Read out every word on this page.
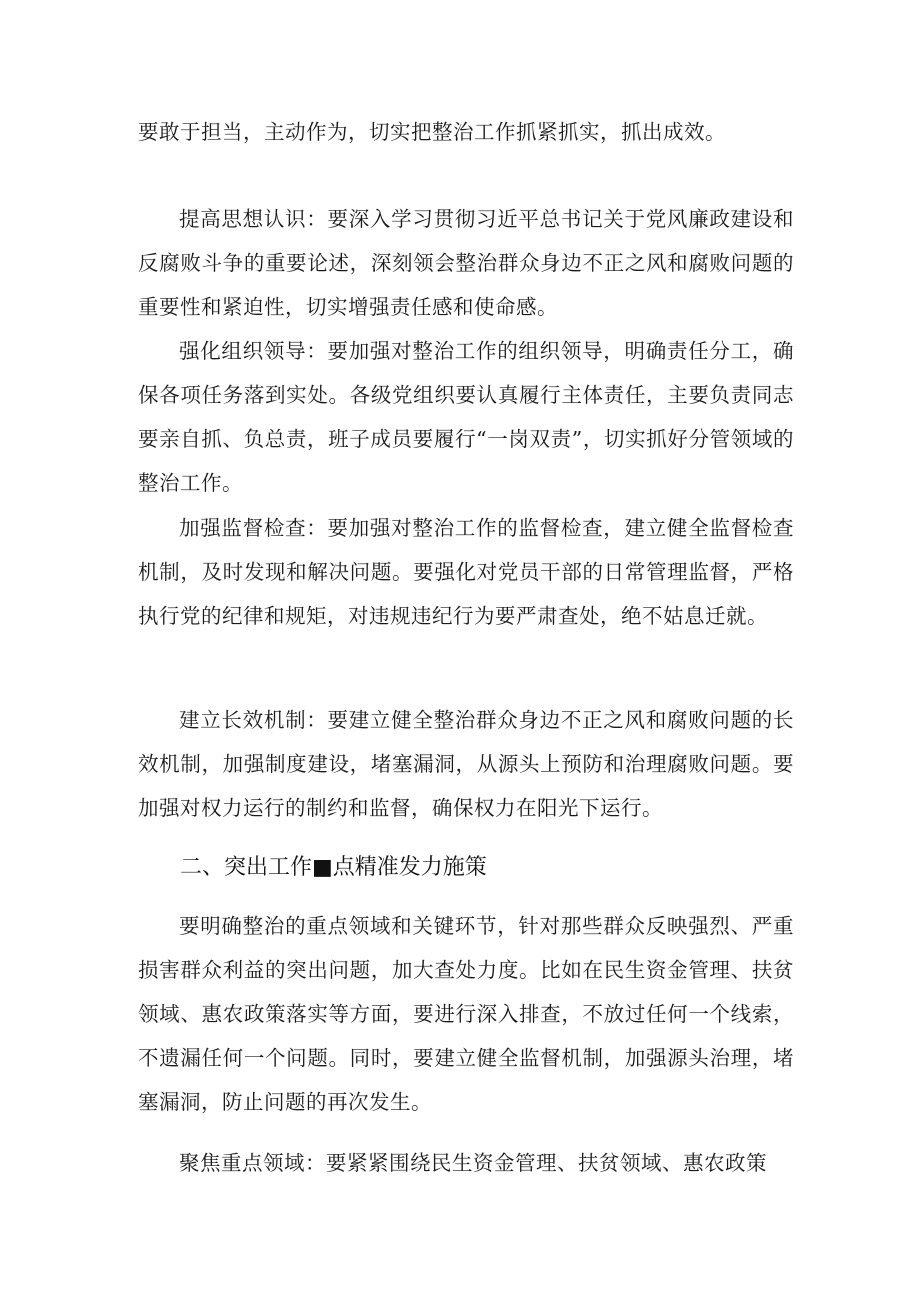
要敢于担当，主动作为，切实把整治工作抓紧抓实，抓出成效。

提高思想认识：要深入学习贯彻习近平总书记关于党风廉政建设和反腐败斗争的重要论述，深刻领会整治群众身边不正之风和腐败问题的重要性和紧迫性，切实增强责任感和使命感。

强化组织领导：要加强对整治工作的组织领导，明确责任分工，确保各项任务落到实处。各级党组织要认真履行主体责任，主要负责同志要亲自抓、负总责，班子成员要履行“一岗双责”，切实抓好分管领域的整治工作。

加强监督检查：要加强对整治工作的监督检查，建立健全监督检查机制，及时发现和解决问题。要强化对党员干部的日常管理监督，严格执行党的纪律和规矩，对违规违纪行为要严肃查处，绝不姑息迁就。

建立长效机制：要建立健全整治群众身边不正之风和腐败问题的长效机制，加强制度建设，堵塞漏洞，从源头上预防和治理腐败问题。要加强对权力运行的制约和监督，确保权力在阳光下运行。

二、突出工作■点精准发力施策

要明确整治的重点领域和关键环节，针对那些群众反映强烈、严重损害群众利益的突出问题，加大查处力度。比如在民生资金管理、扶贫领域、惠农政策落实等方面，要进行深入排查，不放过任何一个线索，不遗漏任何一个问题。同时，要建立健全监督机制，加强源头治理，堵塞漏洞，防止问题的再次发生。

聚焦重点领域：要紧紧围绕民生资金管理、扶贫领域、惠农政策
